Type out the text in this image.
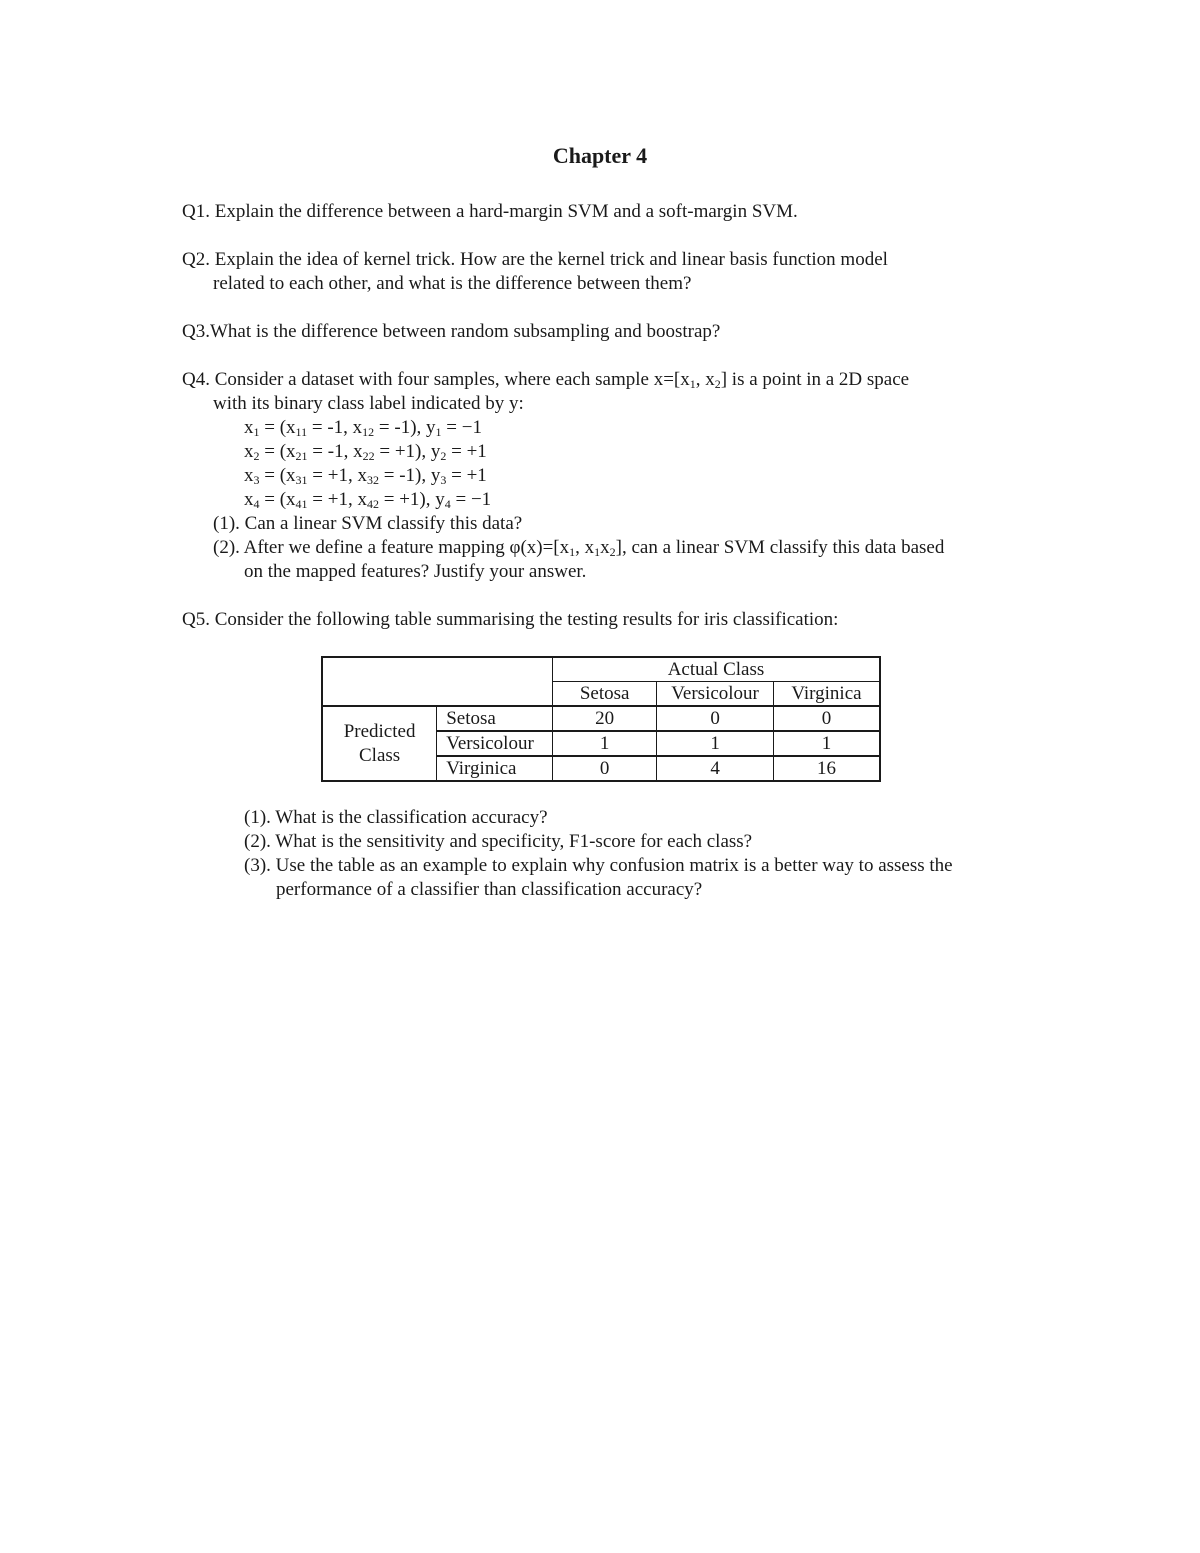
Chapter 4
Q1. Explain the difference between a hard-margin SVM and a soft-margin SVM.
Q2. Explain the idea of kernel trick. How are the kernel trick and linear basis function model
related to each other, and what is the difference between them?
Q3.What is the difference between random subsampling and boostrap?
Q4. Consider a dataset with four samples, where each sample $x=[x_1$, $x_2$] is a point in a 2D space
with its binary class label indicated by y:
$x_1 = (x_{11} = -1$, $x_{12} = -1$), $y_1 = -1$
$x_2 = (x_{21} = -1$, $x_{22} = +1$), $y_2 = +1$
$x_3 = (x_{31} = +1$, $x_{32} = -1$), $y_3 = +1$
$x_4 = (x_{41} = +1$, $x_{42} = +1$), $y_4 = -1$
(1). Can a linear SVM classify this data?
(2). After we define a feature mapping $\varphi(x)=[x_1$, $x_1x_2$], can a linear SVM classify this data based
on the mapped features? Justify your answer.
Q5. Consider the following table summarising the testing results for iris classification:
		Actual Class		
		Setosa	Versicolour	Virginica
Predicted Class	Setosa	20	0	0
	Versicolour	1	1	1
	Virginica	0	4	16
(1). What is the classification accuracy?
(2). What is the sensitivity and specificity, F1-score for each class?
(3). Use the table as an example to explain why confusion matrix is a better way to assess the
performance of a classifier than classification accuracy?
